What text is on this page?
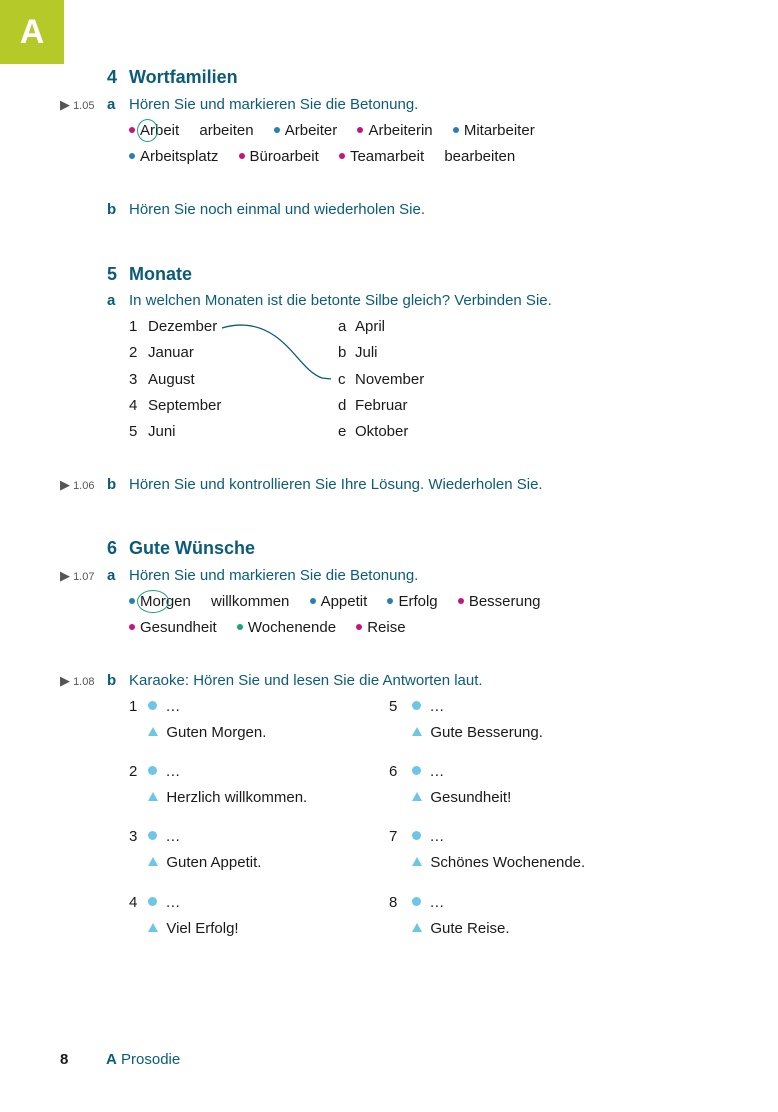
A
4 Wortfamilien
▶ 1.05 a Hören Sie und markieren Sie die Betonung.
Arbeit arbeiten Arbeiter Arbeiterin Mitarbeiter
Arbeitsplatz Büroarbeit Teamarbeit bearbeiten
b Hören Sie noch einmal und wiederholen Sie.
5 Monate
a In welchen Monaten ist die betonte Silbe gleich? Verbinden Sie.
1 Dezember
2 Januar
3 August
4 September
5 Juni
a April
b Juli
c November
d Februar
e Oktober
▶ 1.06 b Hören Sie und kontrollieren Sie Ihre Lösung. Wiederholen Sie.
6 Gute Wünsche
▶ 1.07 a Hören Sie und markieren Sie die Betonung.
Morgen willkommen Appetit Erfolg Besserung
Gesundheit Wochenende Reise
▶ 1.08 b Karaoke: Hören Sie und lesen Sie die Antworten laut.
1 …
Guten Morgen.
2 …
Herzlich willkommen.
3 …
Guten Appetit.
4 …
Viel Erfolg!
5 …
Gute Besserung.
6 …
Gesundheit!
7 …
Schönes Wochenende.
8 …
Gute Reise.
8	A Prosodie
